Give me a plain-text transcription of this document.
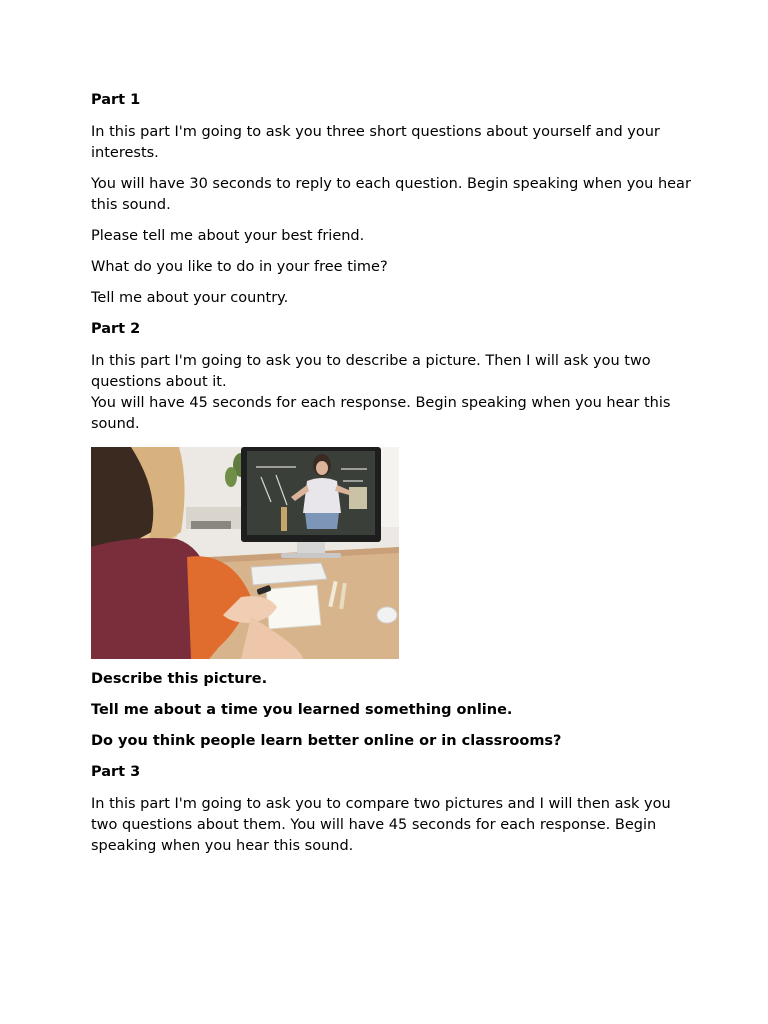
Part 1
In this part I'm going to ask you three short questions about yourself and your interests.
You will have 30 seconds to reply to each question. Begin speaking when you hear this sound.
Please tell me about your best friend.
What do you like to do in your free time?
Tell me about your country.
Part 2
In this part I'm going to ask you to describe a picture. Then I will ask you two questions about it.
You will have 45 seconds for each response. Begin speaking when you hear this sound.
Describe this picture.
Tell me about a time you learned something online.
Do you think people learn better online or in classrooms?
Part 3
In this part I'm going to ask you to compare two pictures and I will then ask you two questions about them. You will have 45 seconds for each response. Begin speaking when you hear this sound.
